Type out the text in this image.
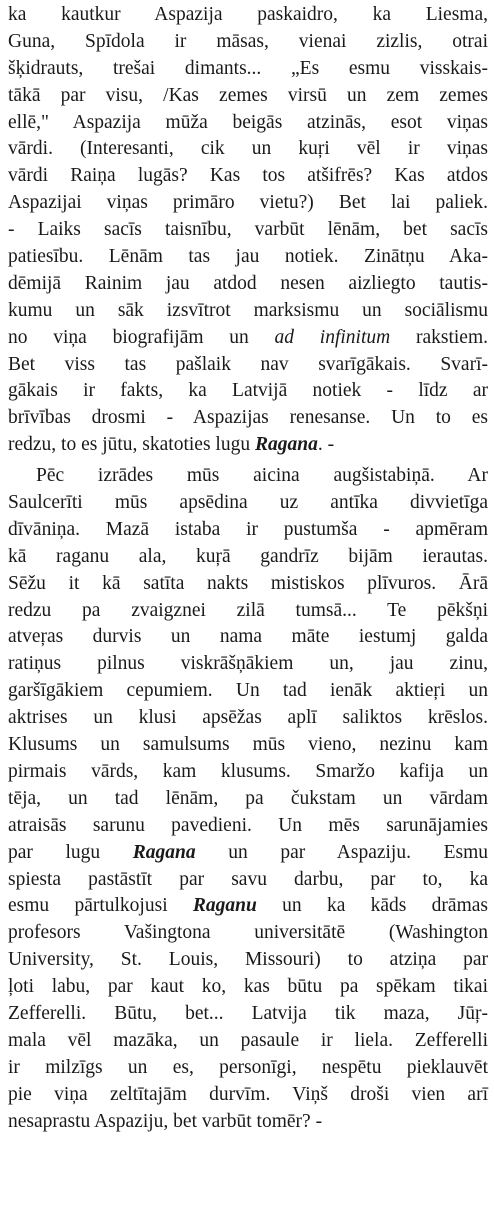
ka kautkur Aspazija paskaidro, ka Liesma,
Guna, Spīdola ir māsas, vienai zizlis, otrai
šķidrauts, trešai dimants... „Es esmu visskais-
tākā par visu, /Kas zemes virsū un zem zemes
ellē," Aspazija mūža beigās atzinās, esot viņas
vārdi. (Interesanti, cik un kuŗi vēl ir viņas
vārdi Raiņa lugās? Kas tos atšifrēs? Kas atdos
Aspazijai viņas primāro vietu?) Bet lai paliek.
- Laiks sacīs taisnību, varbūt lēnām, bet sacīs
patiesību. Lēnām tas jau notiek. Zinātņu Aka-
dēmijā Rainim jau atdod nesen aizliegto tautis-
kumu un sāk izsvītrot marksismu un sociālismu
no viņa biografijām un ad infinitum rakstiem.
Bet viss tas pašlaik nav svarīgākais. Svarī-
gākais ir fakts, ka Latvijā notiek - līdz ar
brīvības drosmi - Aspazijas renesanse. Un to es
redzu, to es jūtu, skatoties lugu Ragana. -
Pēc izrādes mūs aicina augšistabiņā. Ar
Saulcerīti mūs apsēdina uz antīka divvietīga
dīvāniņa. Mazā istaba ir pustumša - apmēram
kā raganu ala, kuŗā gandrīz bijām ierautas.
Sēžu it kā satīta nakts mistiskos plīvuros. Ārā
redzu pa zvaigznei zilā tumsā... Te pēkšņi
atveŗas durvis un nama māte iestumj galda
ratiņus pilnus viskrāšņākiem un, jau zinu,
garšīgākiem cepumiem. Un tad ienāk aktieŗi un
aktrises un klusi apsēžas aplī saliktos krēslos.
Klusums un samulsums mūs vieno, nezinu kam
pirmais vārds, kam klusums. Smaržo kafija un
tēja, un tad lēnām, pa čukstam un vārdam
atraisās sarunu pavedieni. Un mēs sarunājamies
par lugu Ragana un par Aspaziju. Esmu
spiesta pastāstīt par savu darbu, par to, ka
esmu pārtulkojusi Raganu un ka kāds drāmas
profesors Vašingtona universitātē (Washington
University, St. Louis, Missouri) to atziņa par
ļoti labu, par kaut ko, kas būtu pa spēkam tikai
Zefferelli. Būtu, bet... Latvija tik maza, Jūŗ-
mala vēl mazāka, un pasaule ir liela. Zefferelli
ir milzīgs un es, personīgi, nespētu pieklauvēt
pie viņa zeltītajām durvīm. Viņš droši vien arī
nesaprastu Aspaziju, bet varbūt tomēr? -
